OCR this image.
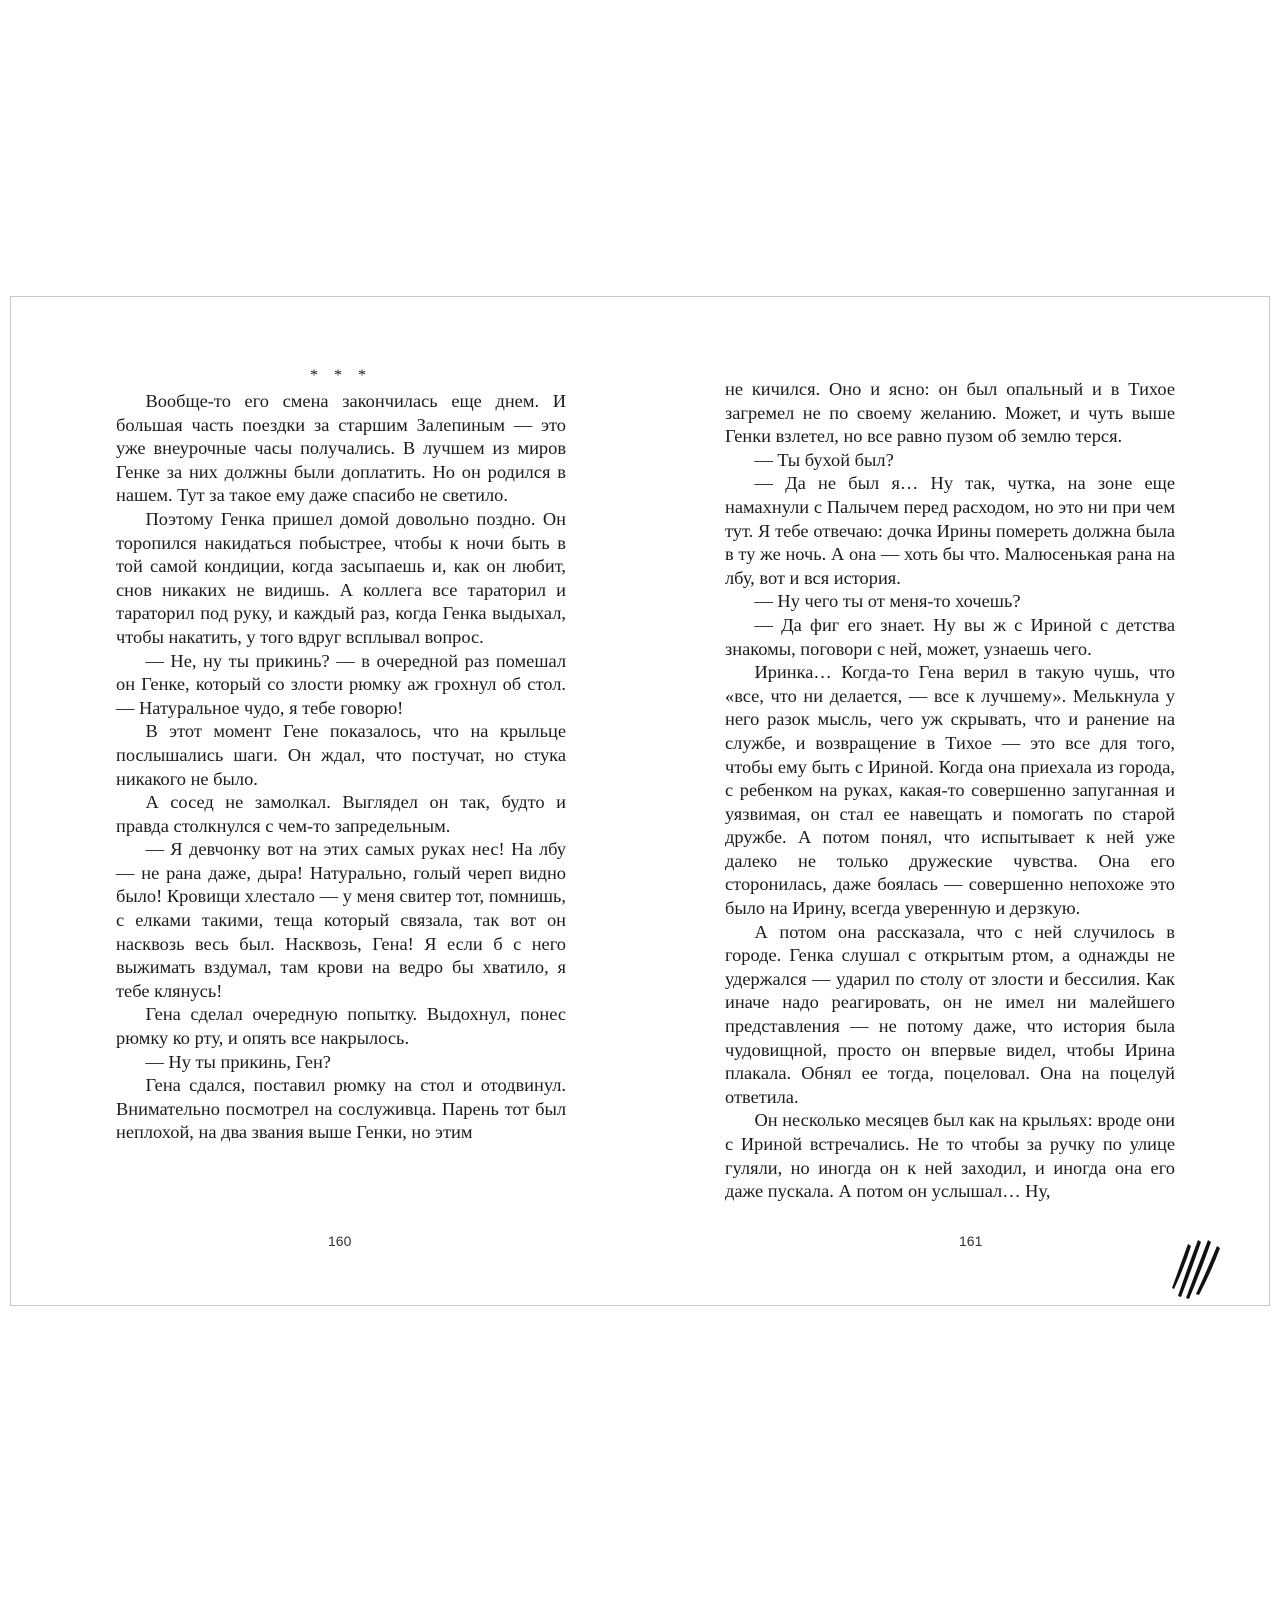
* * *

Вообще-то его смена закончилась еще днем. И большая часть поездки за старшим Залепиным — это уже внеурочные часы получались. В лучшем из миров Генке за них должны были доплатить. Но он родился в нашем. Тут за такое ему даже спасибо не светило.

Поэтому Генка пришел домой довольно поздно. Он торопился накидаться побыстрее, чтобы к ночи быть в той самой кондиции, когда засыпаешь и, как он любит, снов никаких не видишь. А коллега все тараторил и тараторил под руку, и каждый раз, когда Генка выдыхал, чтобы накатить, у того вдруг всплывал вопрос.

— Не, ну ты прикинь? — в очередной раз помешал он Генке, который со злости рюмку аж грохнул об стол. — Натуральное чудо, я тебе говорю!

В этот момент Гене показалось, что на крыльце послышались шаги. Он ждал, что постучат, но стука никакого не было.

А сосед не замолкал. Выглядел он так, будто и правда столкнулся с чем-то запредельным.

— Я девчонку вот на этих самых руках нес! На лбу — не рана даже, дыра! Натурально, голый череп видно было! Кровищи хлестало — у меня свитер тот, помнишь, с елками такими, теща который связала, так вот он насквозь весь был. Насквозь, Гена! Я если б с него выжимать вздумал, там крови на ведро бы хватило, я тебе клянусь!

Гена сделал очередную попытку. Выдохнул, понес рюмку ко рту, и опять все накрылось.

— Ну ты прикинь, Ген?

Гена сдался, поставил рюмку на стол и отодвинул. Внимательно посмотрел на сослуживца. Парень тот был неплохой, на два звания выше Генки, но этим

160

не кичился. Оно и ясно: он был опальный и в Тихое загремел не по своему желанию. Может, и чуть выше Генки взлетел, но все равно пузом об землю терся.

— Ты бухой был?

— Да не был я… Ну так, чутка, на зоне еще намахнули с Палычем перед расходом, но это ни при чем тут. Я тебе отвечаю: дочка Ирины помереть должна была в ту же ночь. А она — хоть бы что. Малюсенькая рана на лбу, вот и вся история.

— Ну чего ты от меня-то хочешь?

— Да фиг его знает. Ну вы ж с Ириной с детства знакомы, поговори с ней, может, узнаешь чего.

Иринка… Когда-то Гена верил в такую чушь, что «все, что ни делается, — все к лучшему». Мелькнула у него разок мысль, чего уж скрывать, что и ранение на службе, и возвращение в Тихое — это все для того, чтобы ему быть с Ириной. Когда она приехала из города, с ребенком на руках, какая-то совершенно запуганная и уязвимая, он стал ее навещать и помогать по старой дружбе. А потом понял, что испытывает к ней уже далеко не только дружеские чувства. Она его сторонилась, даже боялась — совершенно непохоже это было на Ирину, всегда уверенную и дерзкую.

А потом она рассказала, что с ней случилось в городе. Генка слушал с открытым ртом, а однажды не удержался — ударил по столу от злости и бессилия. Как иначе надо реагировать, он не имел ни малейшего представления — не потому даже, что история была чудовищной, просто он впервые видел, чтобы Ирина плакала. Обнял ее тогда, поцеловал. Она на поцелуй ответила.

Он несколько месяцев был как на крыльях: вроде они с Ириной встречались. Не то чтобы за ручку по улице гуляли, но иногда он к ней заходил, и иногда она его даже пускала. А потом он услышал… Ну,

161
